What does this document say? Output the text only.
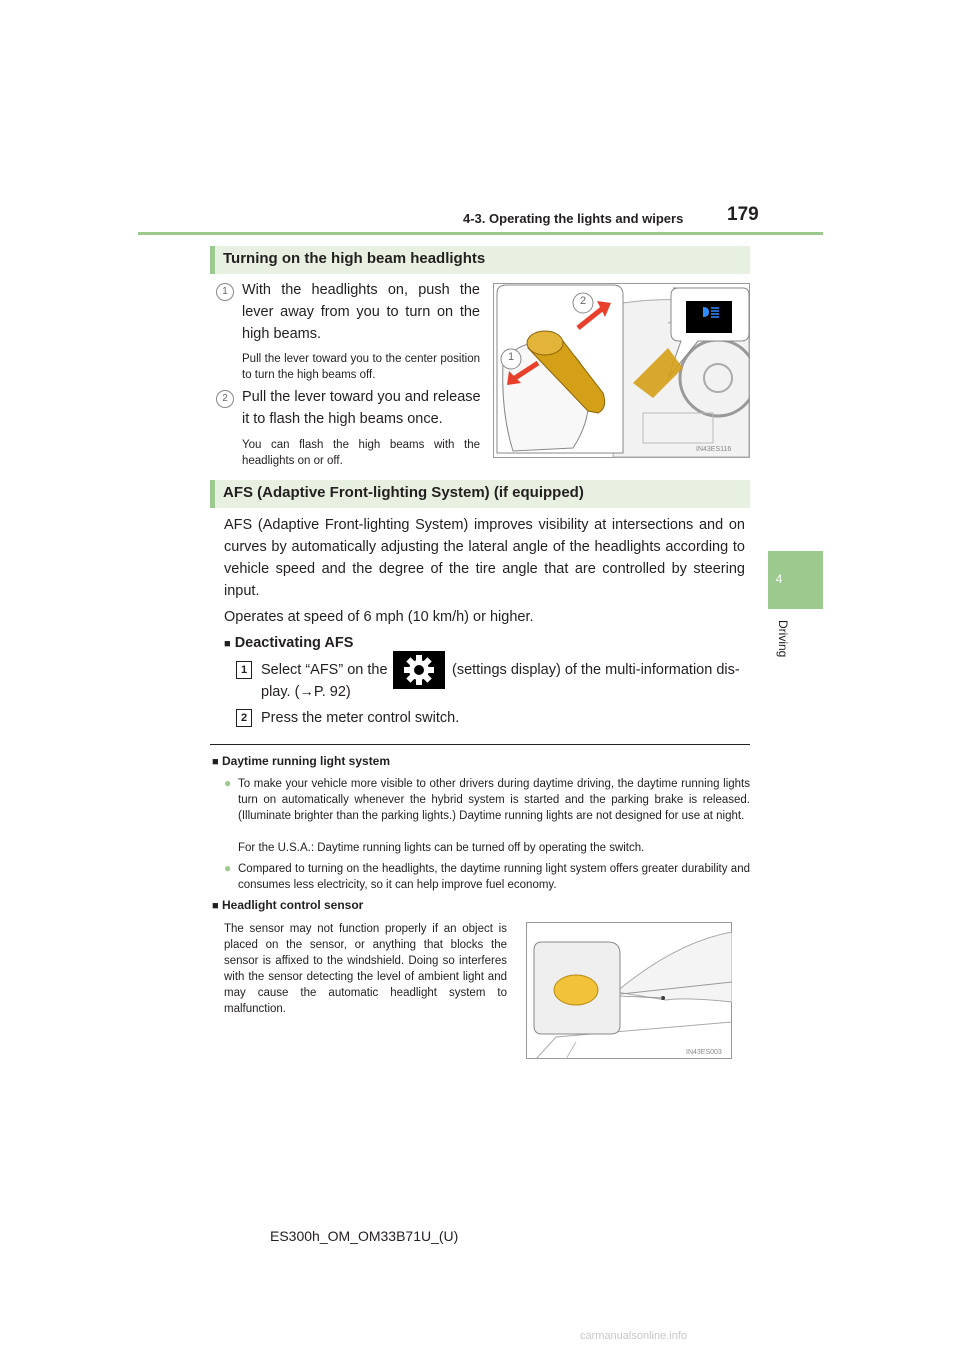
4-3. Operating the lights and wipers 179
4
Driving
Turning on the high beam headlights
1 With the headlights on, push the lever away from you to turn on the high beams.
Pull the lever toward you to the center position to turn the high beams off.
2 Pull the lever toward you and release it to flash the high beams once.
You can flash the high beams with the headlights on or off.
2
1
IN43ES116
AFS (Adaptive Front-lighting System) (if equipped)
AFS (Adaptive Front-lighting System) improves visibility at intersections and on curves by automatically adjusting the lateral angle of the headlights according to vehicle speed and the degree of the tire angle that are controlled by steering input.
Operates at speed of 6 mph (10 km/h) or higher.
■ Deactivating AFS
1 Select “AFS” on the	(settings display) of the multi-information dis-
play. (→P. 92)
2 Press the meter control switch.
■ Daytime running light system
● To make your vehicle more visible to other drivers during daytime driving, the daytime running lights turn on automatically whenever the hybrid system is started and the parking brake is released. (Illuminate brighter than the parking lights.) Daytime running lights are not designed for use at night.
For the U.S.A.: Daytime running lights can be turned off by operating the switch.
● Compared to turning on the headlights, the daytime running light system offers greater durability and consumes less electricity, so it can help improve fuel economy.
■ Headlight control sensor
The sensor may not function properly if an object is placed on the sensor, or anything that blocks the sensor is affixed to the windshield. Doing so interferes with the sensor detecting the level of ambient light and may cause the automatic headlight system to malfunction.
IN43ES003
ES300h_OM_OM33B71U_(U)
carmanualsonline.info
